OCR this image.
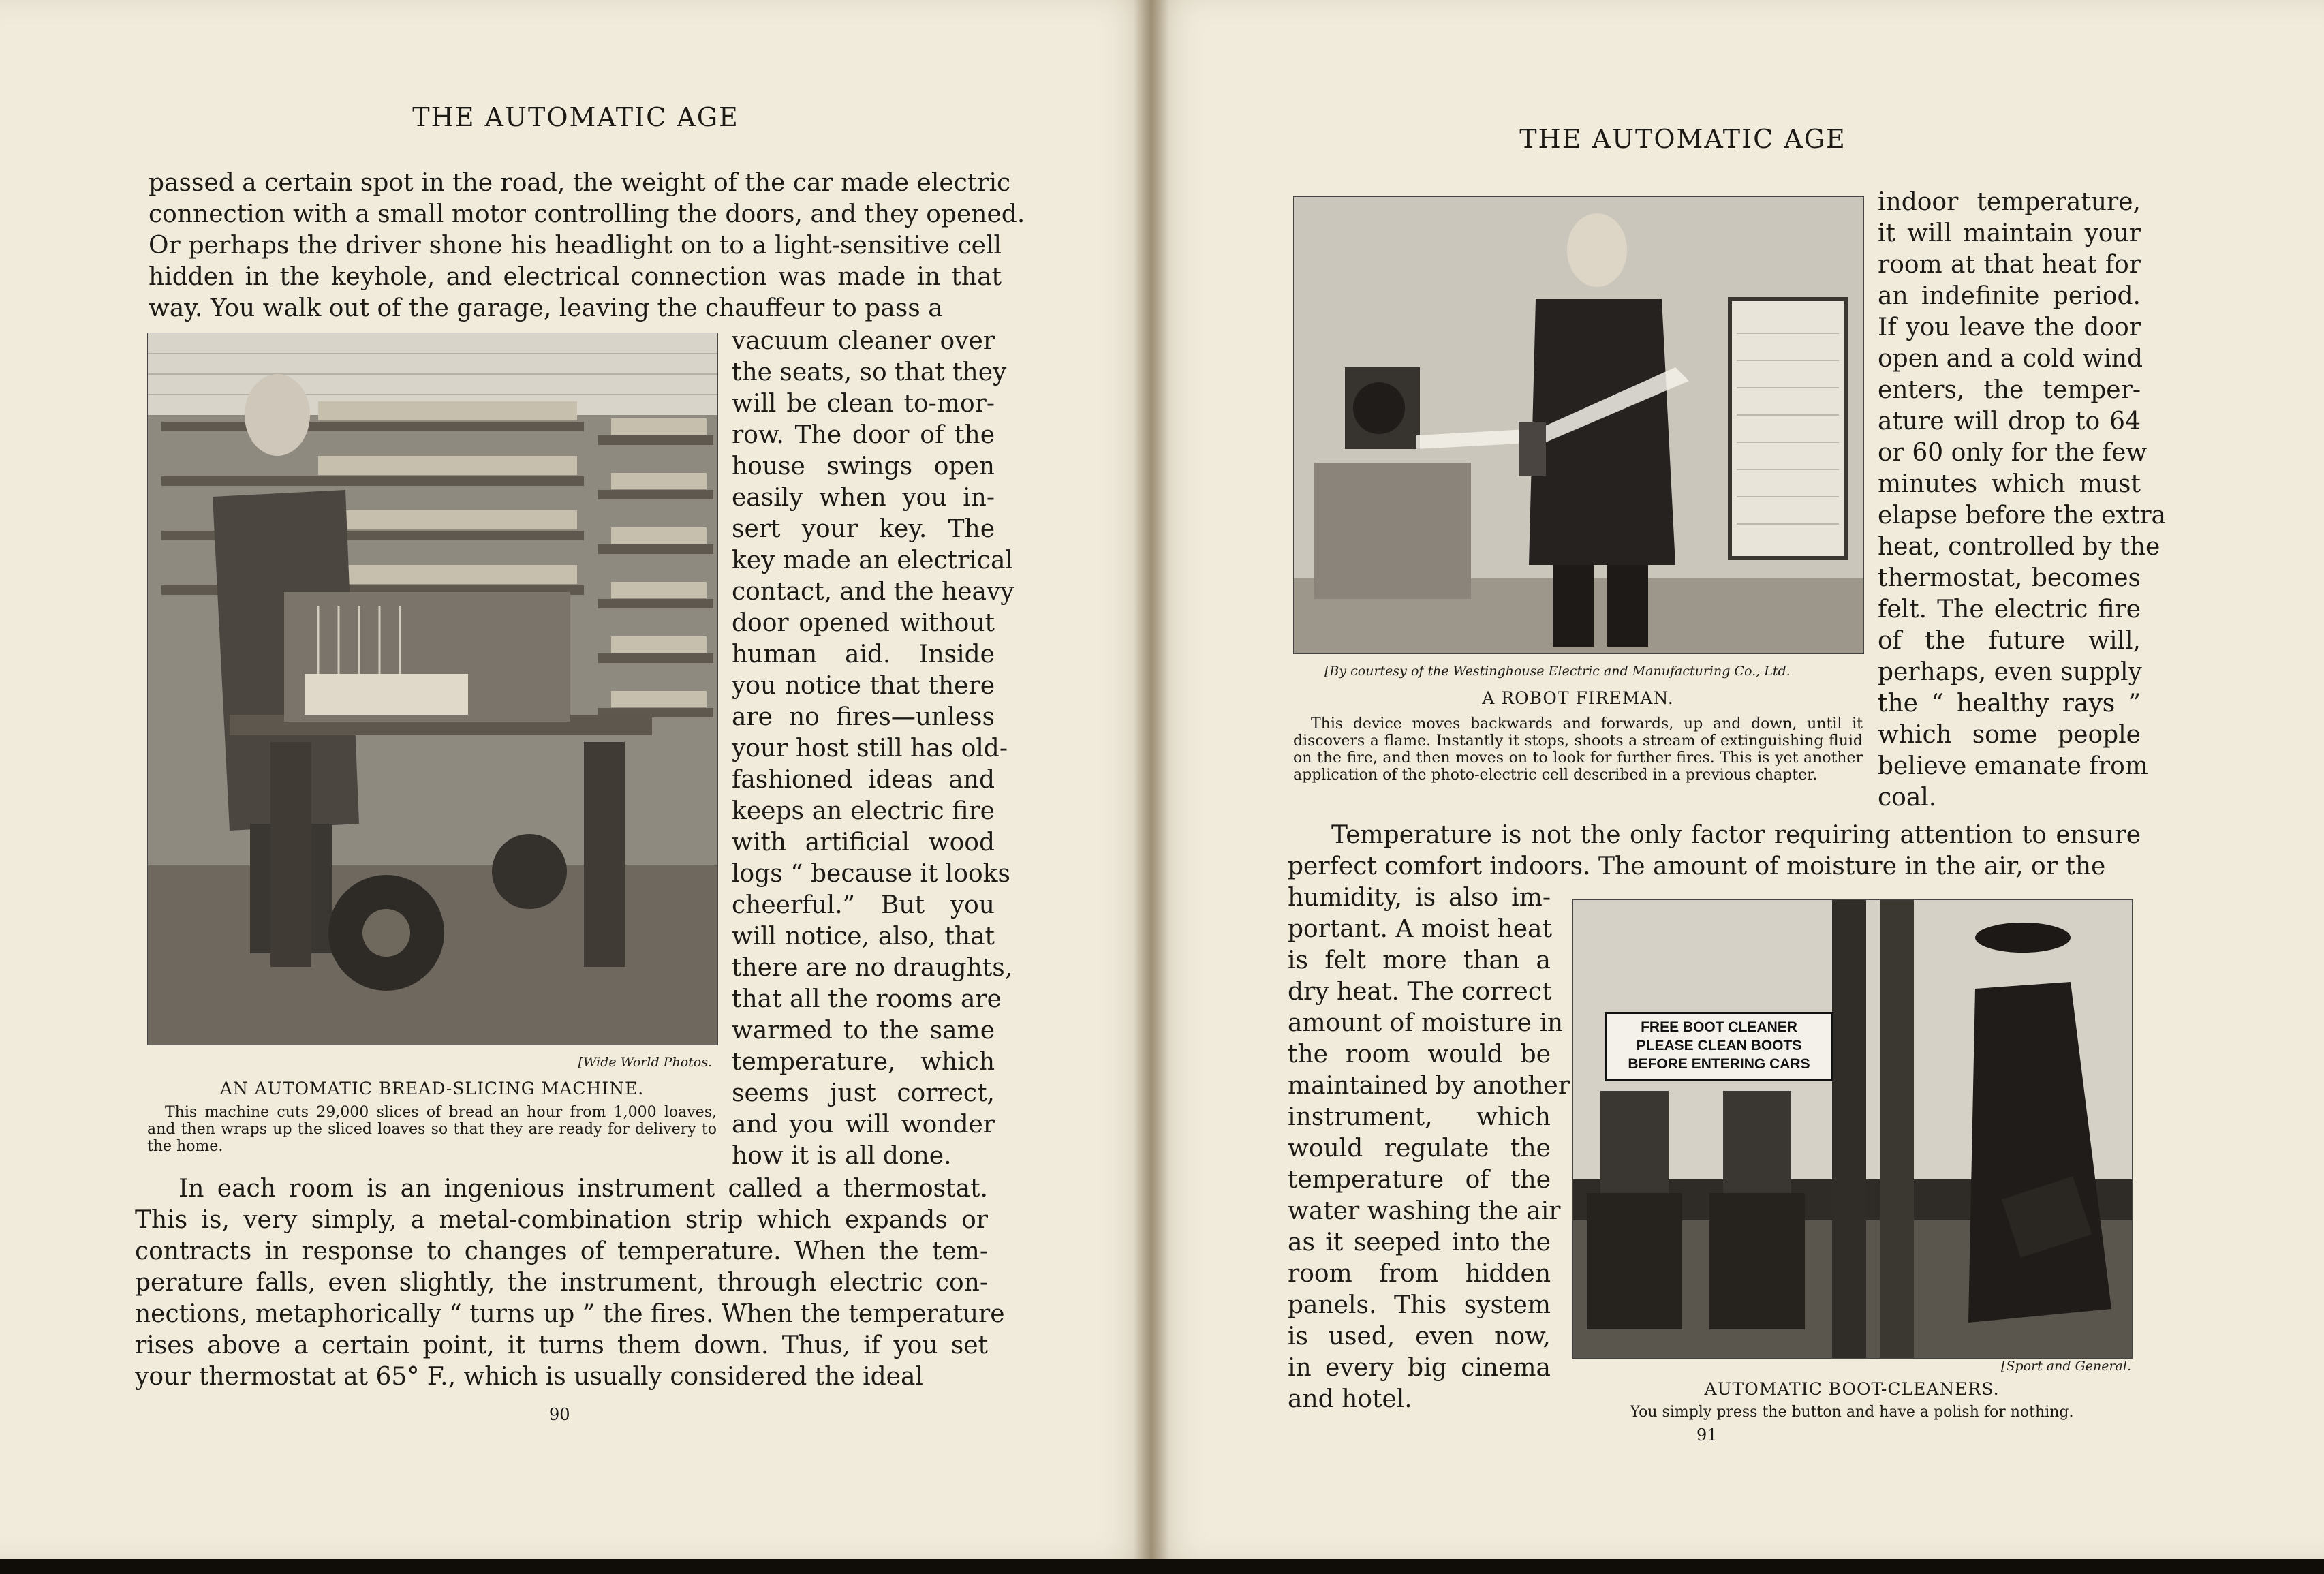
THE AUTOMATIC AGE
passed a certain spot in the road, the weight of the car made electric
connection with a small motor controlling the doors, and they opened.
Or perhaps the driver shone his headlight on to a light-sensitive cell
hidden in the keyhole, and electrical connection was made in that
way. You walk out of the garage, leaving the chauffeur to pass a
[Wide World Photos.
AN AUTOMATIC BREAD-SLICING MACHINE.
This machine cuts 29,000 slices of bread an hour from 1,000 loaves, and then wraps up the sliced loaves so that they are ready for delivery to the home.
vacuum cleaner over
the seats, so that they
will be clean to-mor-
row. The door of the
house swings open
easily when you in-
sert your key. The
key made an electrical
contact, and the heavy
door opened without
human aid. Inside
you notice that there
are no fires—unless
your host still has old-
fashioned ideas and
keeps an electric fire
with artificial wood
logs “ because it looks
cheerful.” But you
will notice, also, that
there are no draughts,
that all the rooms are
warmed to the same
temperature, which
seems just correct,
and you will wonder
how it is all done.
In each room is an ingenious instrument called a thermostat.
This is, very simply, a metal-combination strip which expands or
contracts in response to changes of temperature. When the tem-
perature falls, even slightly, the instrument, through electric con-
nections, metaphorically “ turns up ” the fires. When the temperature
rises above a certain point, it turns them down. Thus, if you set
your thermostat at 65° F., which is usually considered the ideal
90
THE AUTOMATIC AGE
[By courtesy of the Westinghouse Electric and Manufacturing Co., Ltd.
A ROBOT FIREMAN.
This device moves backwards and forwards, up and down, until it discovers a flame. Instantly it stops, shoots a stream of extinguishing fluid on the fire, and then moves on to look for further fires. This is yet another application of the photo-electric cell described in a previous chapter.
indoor temperature,
it will maintain your
room at that heat for
an indefinite period.
If you leave the door
open and a cold wind
enters, the temper-
ature will drop to 64
or 60 only for the few
minutes which must
elapse before the extra
heat, controlled by the
thermostat, becomes
felt. The electric fire
of the future will,
perhaps, even supply
the “ healthy rays ”
which some people
believe emanate from
coal.
Temperature is not the only factor requiring attention to ensure
perfect comfort indoors. The amount of moisture in the air, or the
humidity, is also im-
portant. A moist heat
is felt more than a
dry heat. The correct
amount of moisture in
the room would be
maintained by another
instrument, which
would regulate the
temperature of the
water washing the air
as it seeped into the
room from hidden
panels. This system
is used, even now,
in every big cinema
and hotel.
FREE BOOT CLEANER
PLEASE CLEAN BOOTS
BEFORE ENTERING CARS
[Sport and General.
AUTOMATIC BOOT-CLEANERS.
You simply press the button and have a polish for nothing.
91
